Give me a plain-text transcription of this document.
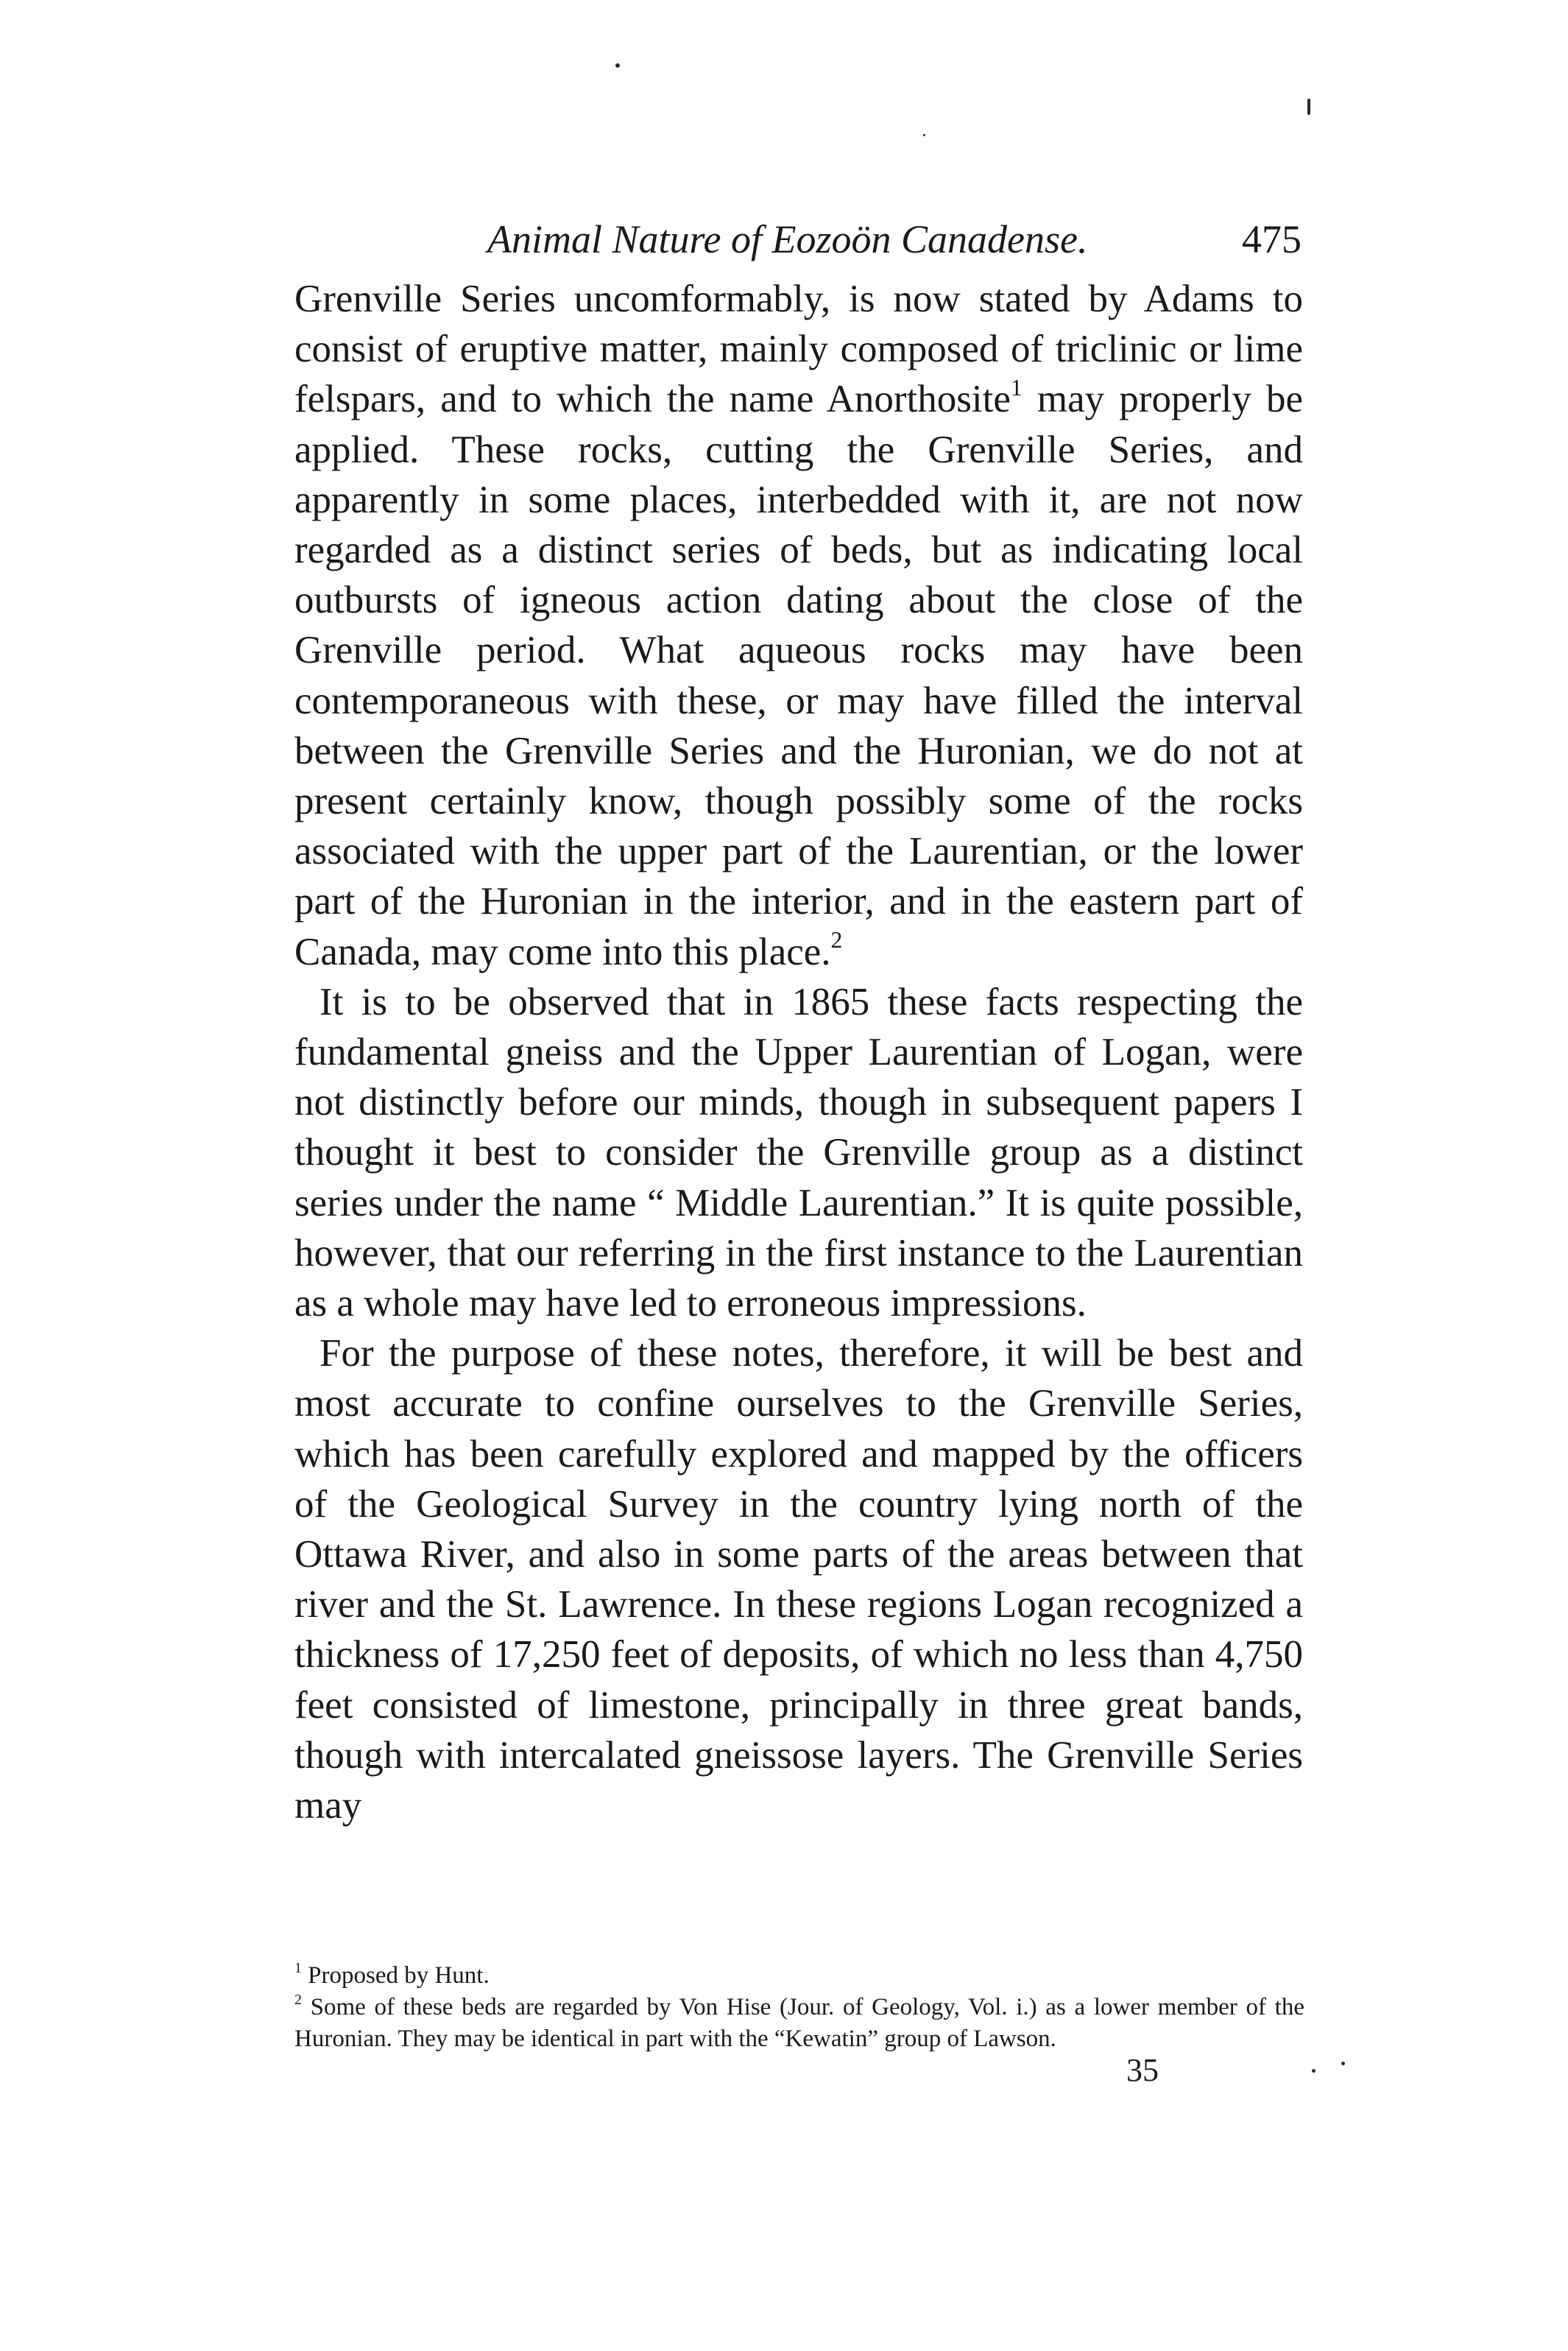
Animal Nature of Eozoön Canadense.	475

Grenville Series uncomformably, is now stated by Adams to consist of eruptive matter, mainly composed of triclinic or lime felspars, and to which the name Anorthosite$^1$ may properly be applied. These rocks, cutting the Grenville Series, and apparently in some places, interbedded with it, are not now regarded as a distinct series of beds, but as indicating local outbursts of igneous action dating about the close of the Grenville period. What aqueous rocks may have been contemporaneous with these, or may have filled the interval between the Grenville Series and the Huronian, we do not at present certainly know, though possibly some of the rocks associated with the upper part of the Laurentian, or the lower part of the Huronian in the interior, and in the eastern part of Canada, may come into this place.$^2$

It is to be observed that in 1865 these facts respecting the fundamental gneiss and the Upper Laurentian of Logan, were not distinctly before our minds, though in subsequent papers I thought it best to consider the Grenville group as a distinct series under the name “ Middle Laurentian.” It is quite possible, however, that our referring in the first instance to the Laurentian as a whole may have led to erroneous impressions.

For the purpose of these notes, therefore, it will be best and most accurate to confine ourselves to the Grenville Series, which has been carefully explored and mapped by the officers of the Geological Survey in the country lying north of the Ottawa River, and also in some parts of the areas between that river and the St. Lawrence. In these regions Logan recognized a thickness of 17,250 feet of deposits, of which no less than 4,750 feet consisted of limestone, principally in three great bands, though with intercalated gneissose layers. The Grenville Series may

$^1$ Proposed by Hunt.

$^2$ Some of these beds are regarded by Von Hise (Jour. of Geology, Vol. i.) as a lower member of the Huronian. They may be identical in part with the “Kewatin” group of Lawson.

35
